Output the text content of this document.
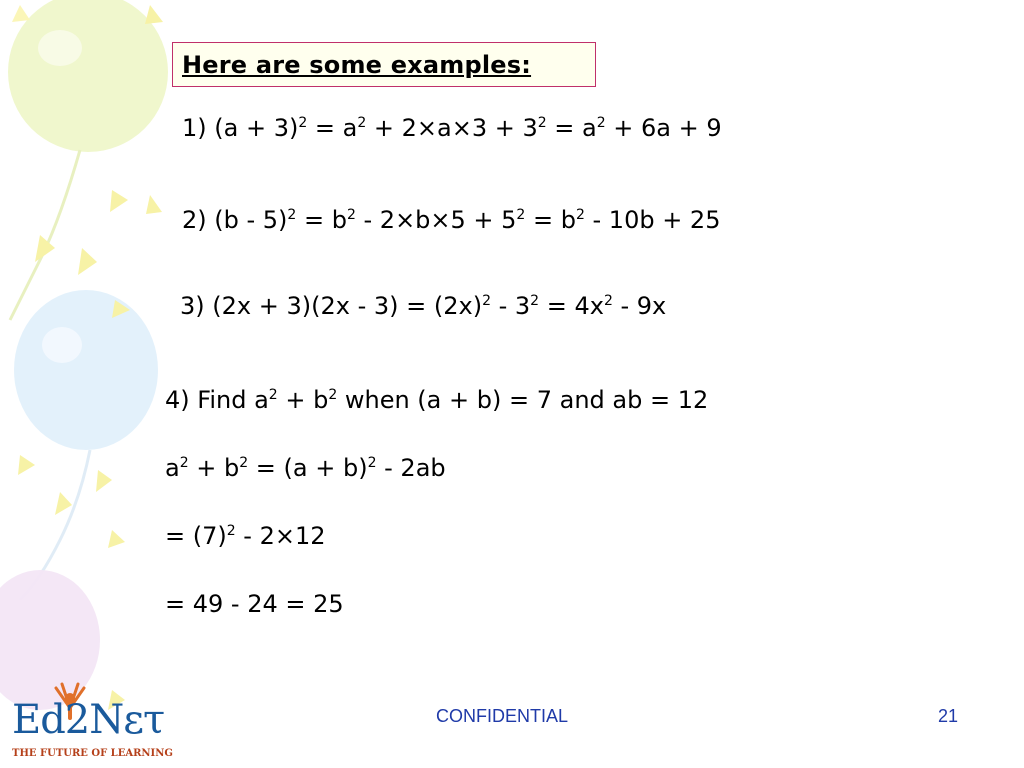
Here are some examples:
1) $(a + 3)^2 = a^2 + 2\times a\times 3 + 3^2 = a^2 + 6a + 9$
2) $(b - 5)^2 = b^2 - 2\times b\times 5 + 5^2 = b^2 - 10b + 25$
3) $(2x + 3)(2x - 3) = (2x)^2 - 3^2 = 4x^2 - 9x$
4) Find $a^2 + b^2$ when (a + b) = 7 and ab = 12
$a^2 + b^2 = (a + b)^2 - 2ab$
= $(7)^2 - 2\times 12$
= 49 - 24 = 25
Ed2Nετ
THE FUTURE OF LEARNING
CONFIDENTIAL	21
